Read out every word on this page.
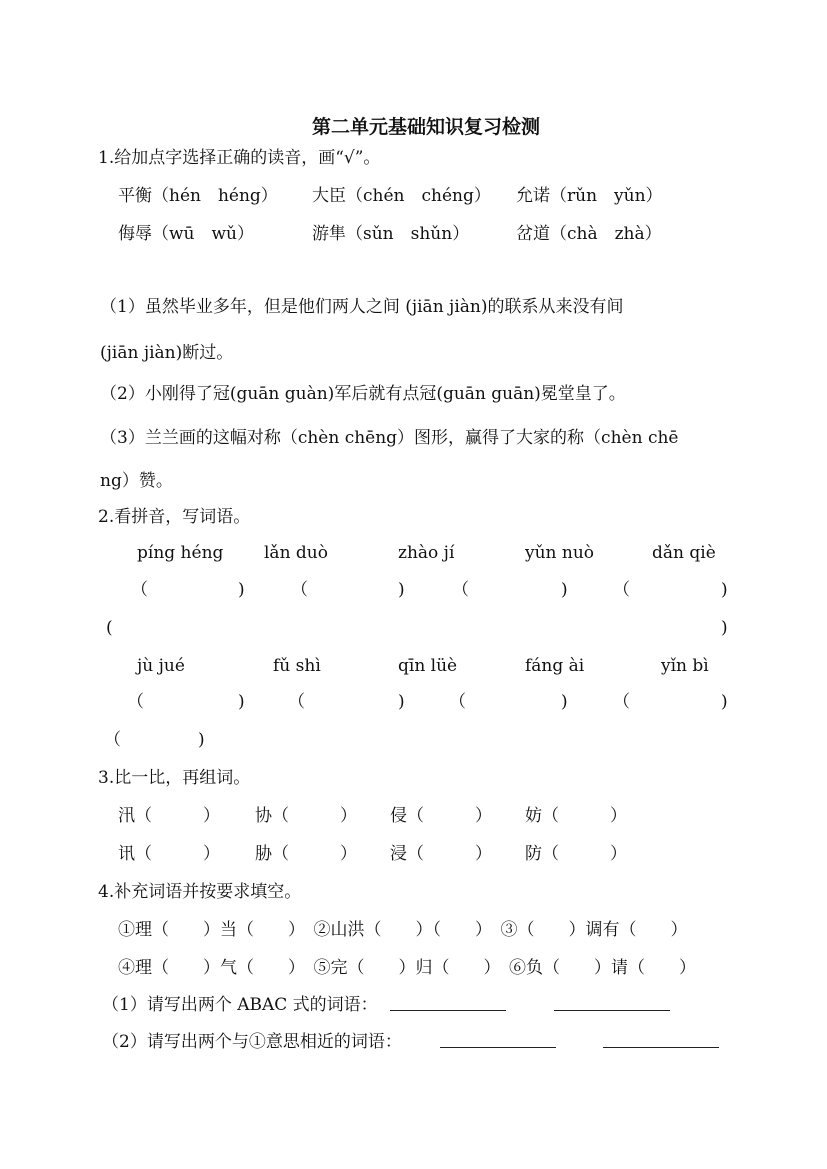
第二单元基础知识复习检测
1.给加点字选择正确的读音，画“√”。
平衡（hén　héng） 大臣（chén　chéng） 允诺（rǔn　yǔn）
侮辱（wū　wǔ）	游隼（sǔn　shǔn）	岔道（chà　zhà）
（1）虽然毕业多年，但是他们两人之间 (jiān jiàn)的联系从来没有间
(jiān jiàn)断过。
（2）小刚得了冠(guān guàn)军后就有点冠(guān guān)冕堂皇了。
（3）兰兰画的这幅对称（chèn chēng）图形，赢得了大家的称（chèn chē
ng）赞。
2.看拼音，写词语。
píng héng lǎn duò	zhào jí	yǔn nuò	dǎn qiè
（	)	（	)	（	)	（	)
(	)
jù jué	fǔ shì	qīn lüè	fáng ài	yǐn bì
（	)	（	)	（	)	（	)
（	)
3.比一比，再组词。
汛（　　　） 协（　　　） 侵（　　　） 妨（　　　）
讯（　　　） 胁（　　　） 浸（　　　） 防（　　　）
4.补充词语并按要求填空。
①理（　　）当（　　）　②山洪（　　）（　　）　③（　　）调有（　　）
④理（　　）气（　　）　⑤完（　　）归（　　）　⑥负（　　）请（　　）
（1）请写出两个 ABAC 式的词语：
（2）请写出两个与①意思相近的词语：
